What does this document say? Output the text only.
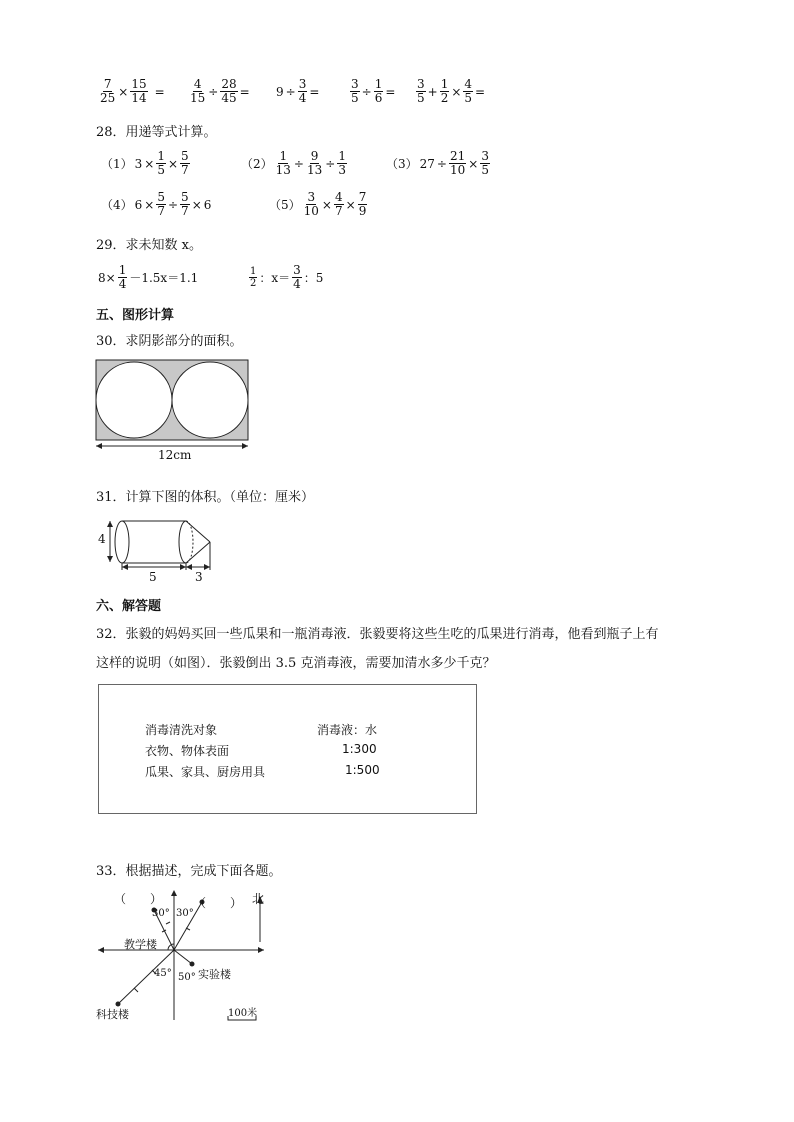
$\frac{7}{25} \times \frac{15}{14} = \frac{4}{15} \div \frac{28}{45} = 9 \div \frac{3}{4}$ =	$\frac{3}{5} \div \frac{1}{6} = \frac{3}{5} + \frac{1}{2} \times \frac{4}{5}$ =
28．用递等式计算。
（1） $3 \times \frac{1}{5} \times \frac{5}{7}$	$(2) \frac{1}{13} \div \frac{9}{13} \div \frac{1}{3}$	（3） $27 \div \frac{21}{10} \times \frac{3}{5}$
（4） $6 \times \frac{5}{7} \div \frac{5}{7} \times 6$	$(5) \frac{3}{10} \times \frac{4}{7} \times \frac{7}{9}$
29．求未知数 x。
$8\times \frac{1}{4} -1.5x=1.1$	$\frac{1}{2}$ ：$x= \frac{3}{4}$ ：5
五、图形计算
30．求阴影部分的面积。
12cm
31．计算下图的体积。（单位：厘米）
4
5	3
六、解答题
32．张毅的妈妈买回一些瓜果和一瓶消毒液．张毅要将这些生吃的瓜果进行消毒，他看到瓶子上有
这样的说明（如图）．张毅倒出 3.5 克消毒液，需要加清水多少千克？
消毒清洗对象	消毒液：水
衣物、物体表面	1:300
瓜果、家具、厨房用具	1:500
33．根据描述，完成下面各题。
（　　）	（　　） 北
30° 30°
教学楼
45° 50° 实验楼
科技楼	100米
